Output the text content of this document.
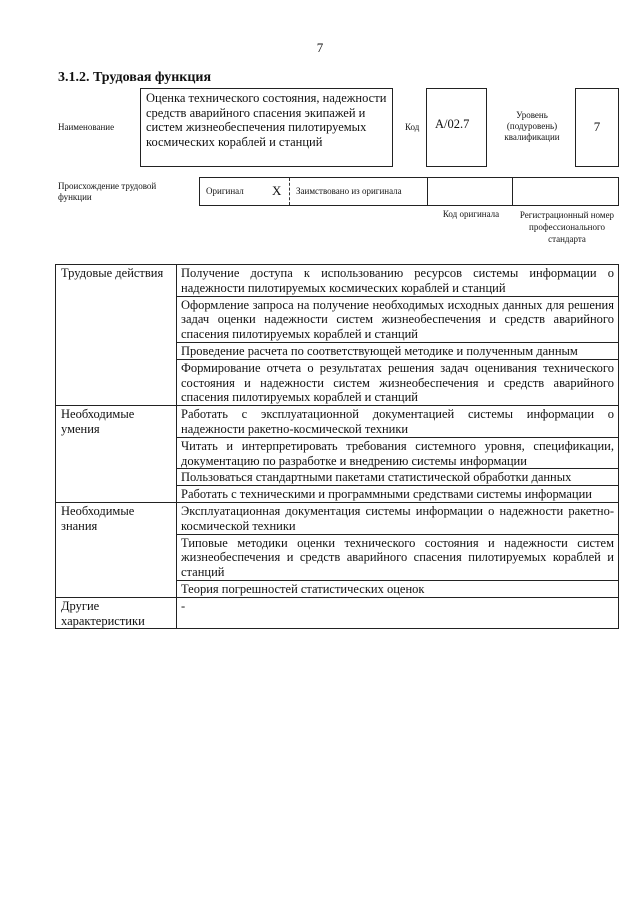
7
3.1.2. Трудовая функция
Наименование
Оценка технического состояния, надежности средств аварийного спасения экипажей и систем жизнеобеспечения пилотируемых космических кораблей и станций
Код	А/02.7
Уровень (подуровень) квалификации
7
Происхождение трудовой функции
Оригинал X Заимствовано из оригинала
Код оригинала	Регистрационный номер профессионального стандарта
Трудовые действия	Получение доступа к использованию ресурсов системы информации о надежности пилотируемых космических кораблей и станций
	Оформление запроса на получение необходимых исходных данных для решения задач оценки надежности систем жизнеобеспечения и средств аварийного спасения пилотируемых кораблей и станций
	Проведение расчета по соответствующей методике и полученным данным
	Формирование отчета о результатах решения задач оценивания технического состояния и надежности систем жизнеобеспечения и средств аварийного спасения пилотируемых кораблей и станций
Необходимые умения	Работать с эксплуатационной документацией системы информации о надежности ракетно-космической техники
	Читать и интерпретировать требования системного уровня, спецификации, документацию по разработке и внедрению системы информации
	Пользоваться стандартными пакетами статистической обработки данных
	Работать с техническими и программными средствами системы информации
Необходимые знания	Эксплуатационная документация системы информации о надежности ракетно-космической техники
	Типовые методики оценки технического состояния и надежности систем жизнеобеспечения и средств аварийного спасения пилотируемых кораблей и станций
	Теория погрешностей статистических оценок
Другие характеристики	-
